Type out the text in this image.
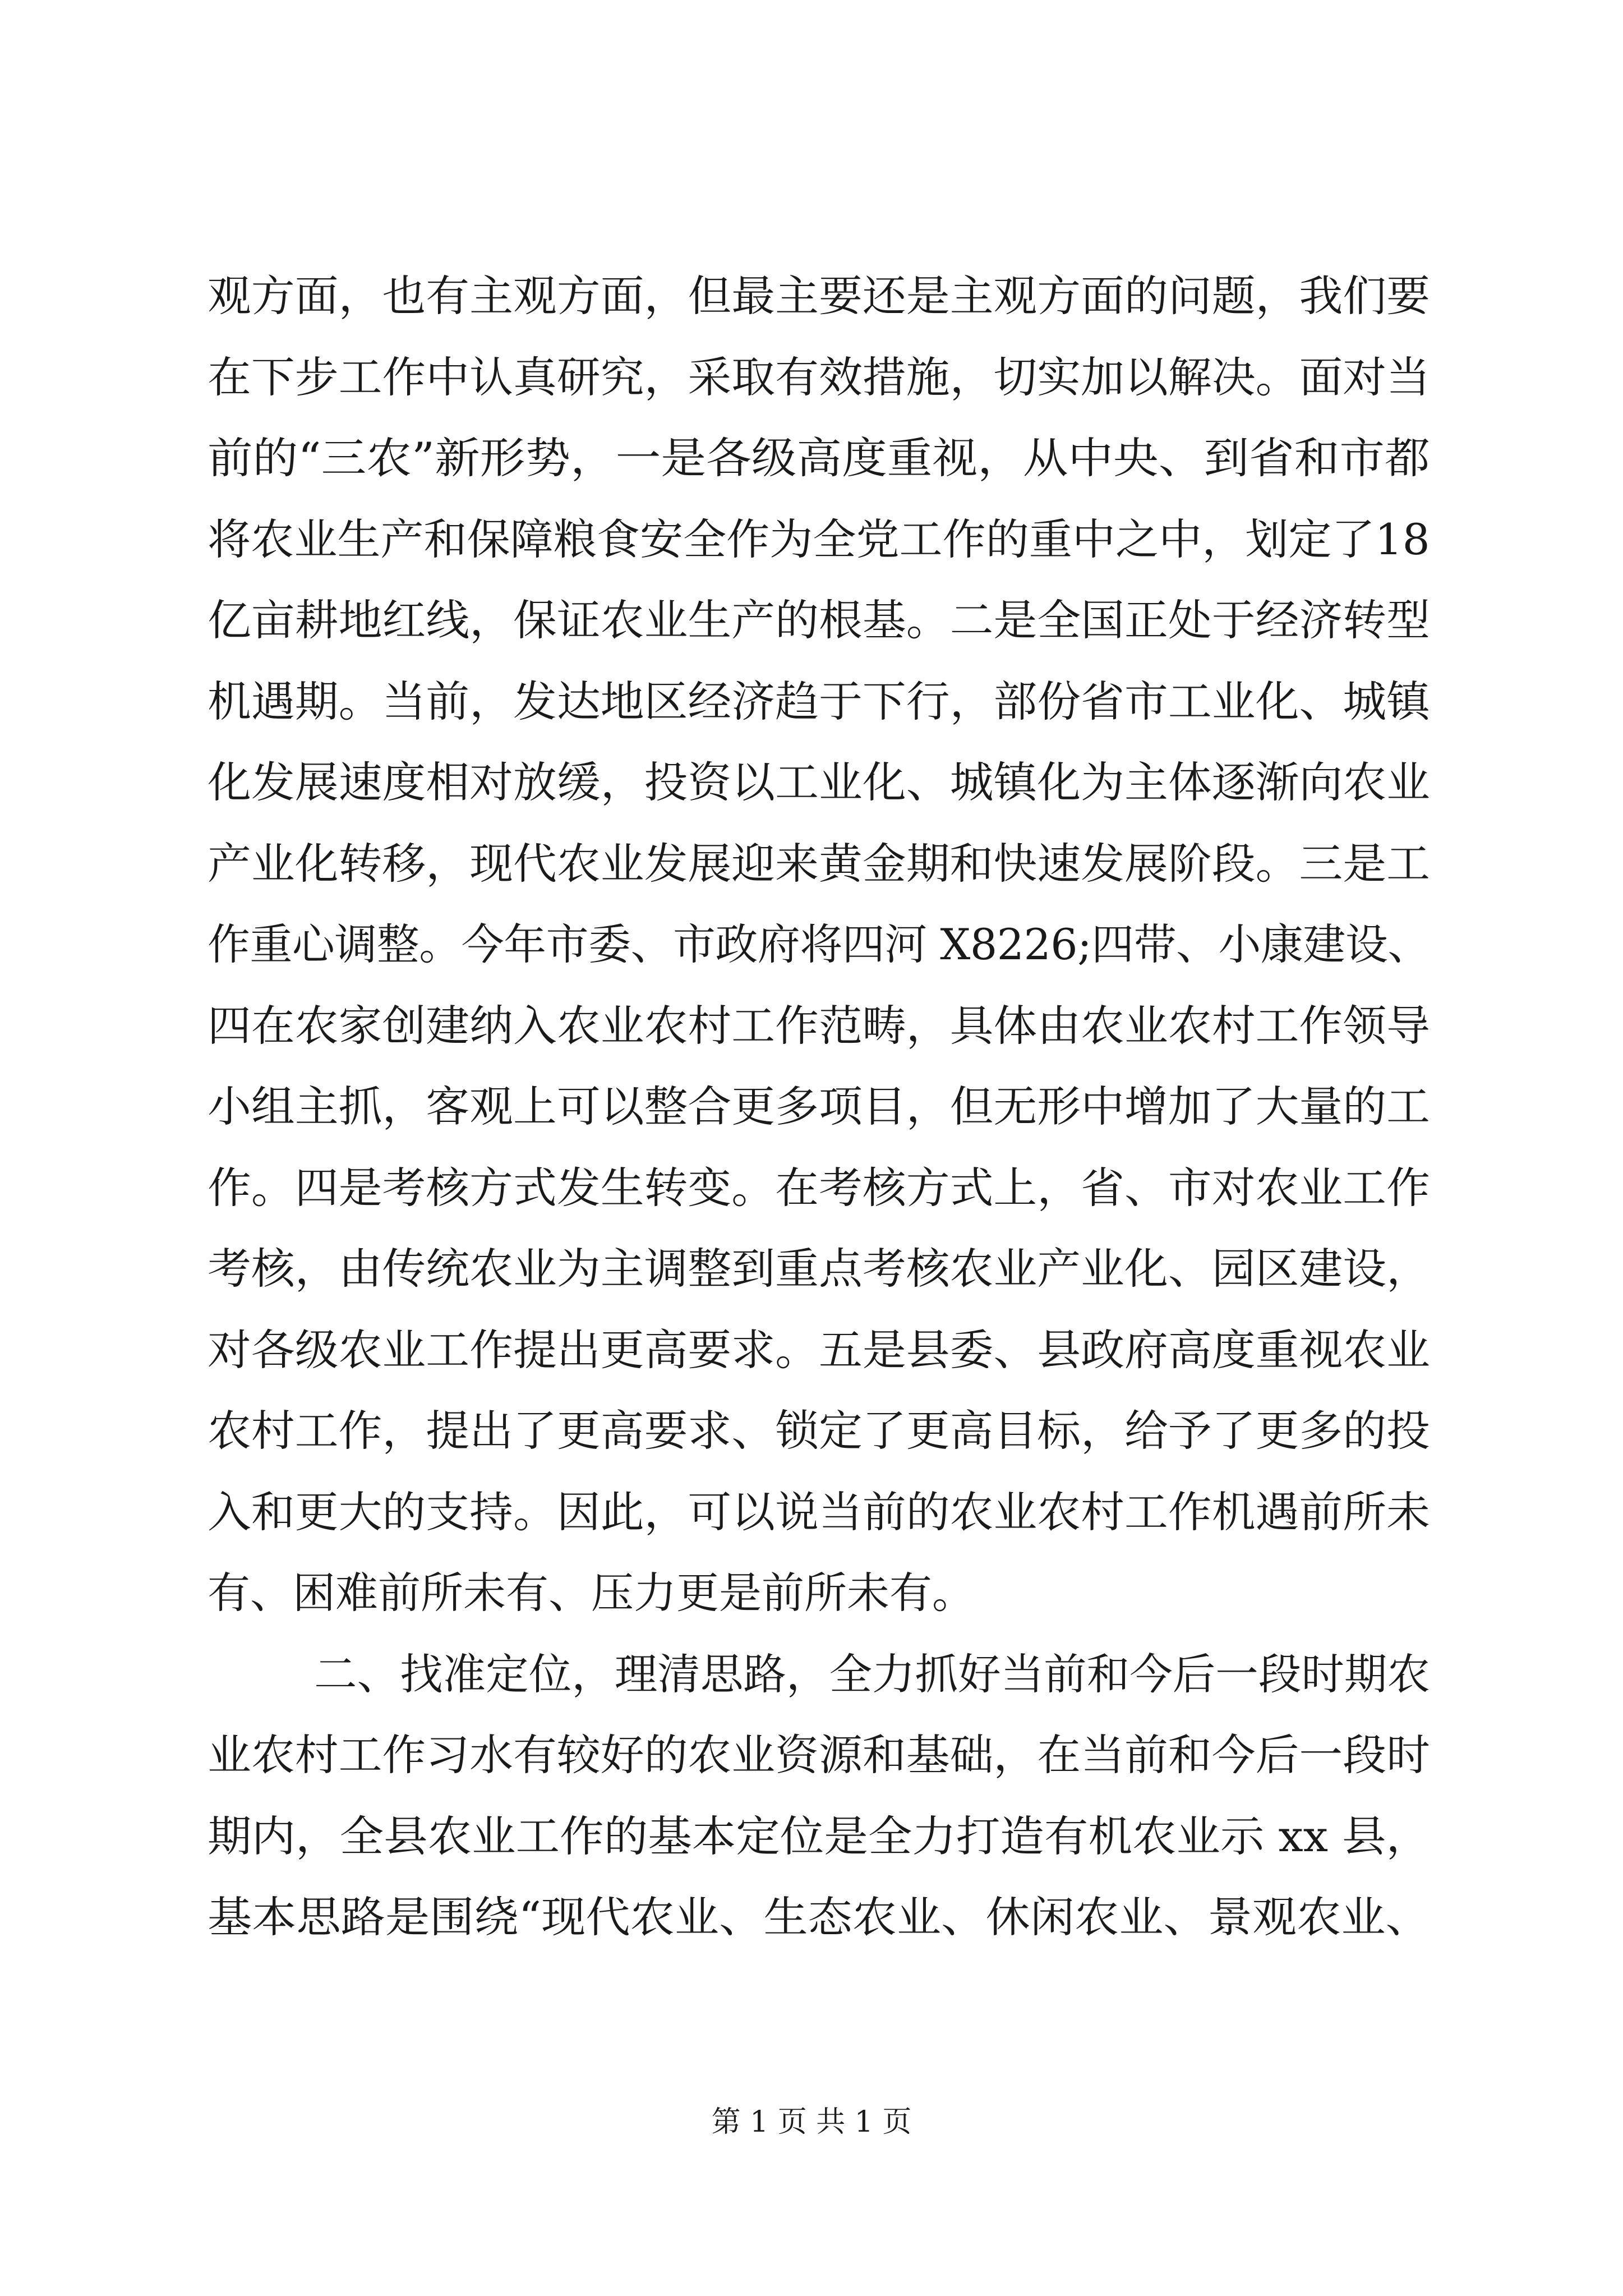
观方面，也有主观方面，但最主要还是主观方面的问题，我们要
在下步工作中认真研究，采取有效措施，切实加以解决。面对当
前的“三农”新形势，一是各级高度重视，从中央、到省和市都
将农业生产和保障粮食安全作为全党工作的重中之中，划定了18
亿亩耕地红线，保证农业生产的根基。二是全国正处于经济转型
机遇期。当前，发达地区经济趋于下行，部份省市工业化、城镇
化发展速度相对放缓，投资以工业化、城镇化为主体逐渐向农业
产业化转移，现代农业发展迎来黄金期和快速发展阶段。三是工
作重心调整。今年市委、市政府将四河 X8226;四带、小康建设、
四在农家创建纳入农业农村工作范畴，具体由农业农村工作领导
小组主抓，客观上可以整合更多项目，但无形中增加了大量的工
作。四是考核方式发生转变。在考核方式上，省、市对农业工作
考核，由传统农业为主调整到重点考核农业产业化、园区建设，
对各级农业工作提出更高要求。五是县委、县政府高度重视农业
农村工作，提出了更高要求、锁定了更高目标，给予了更多的投
入和更大的支持。因此，可以说当前的农业农村工作机遇前所未
有、困难前所未有、压力更是前所未有。
二、找准定位，理清思路，全力抓好当前和今后一段时期农
业农村工作习水有较好的农业资源和基础，在当前和今后一段时
期内，全县农业工作的基本定位是全力打造有机农业示 xx 县，
基本思路是围绕“现代农业、生态农业、休闲农业、景观农业、
第 1 页 共 1 页
